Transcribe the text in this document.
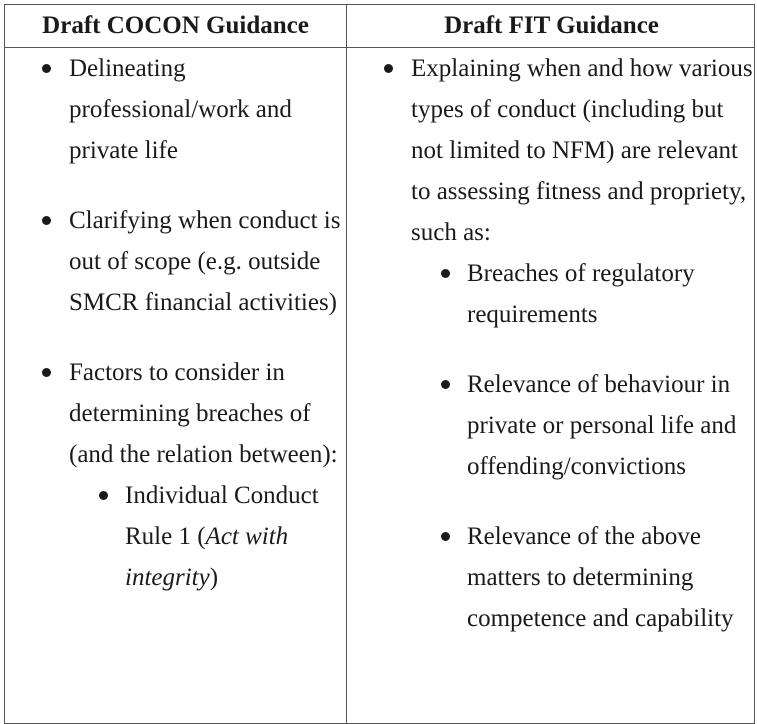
Draft COCON Guidance	Draft FIT Guidance
Delineating professional/work and private life
Clarifying when conduct is out of scope (e.g. outside SMCR financial activities)
Factors to consider in determining breaches of (and the relation between):
Individual Conduct Rule 1 (Act with integrity)
Explaining when and how various types of conduct (including but not limited to NFM) are relevant to assessing fitness and propriety, such as:
Breaches of regulatory requirements
Relevance of behaviour in private or personal life and offending/convictions
Relevance of the above matters to determining competence and capability
